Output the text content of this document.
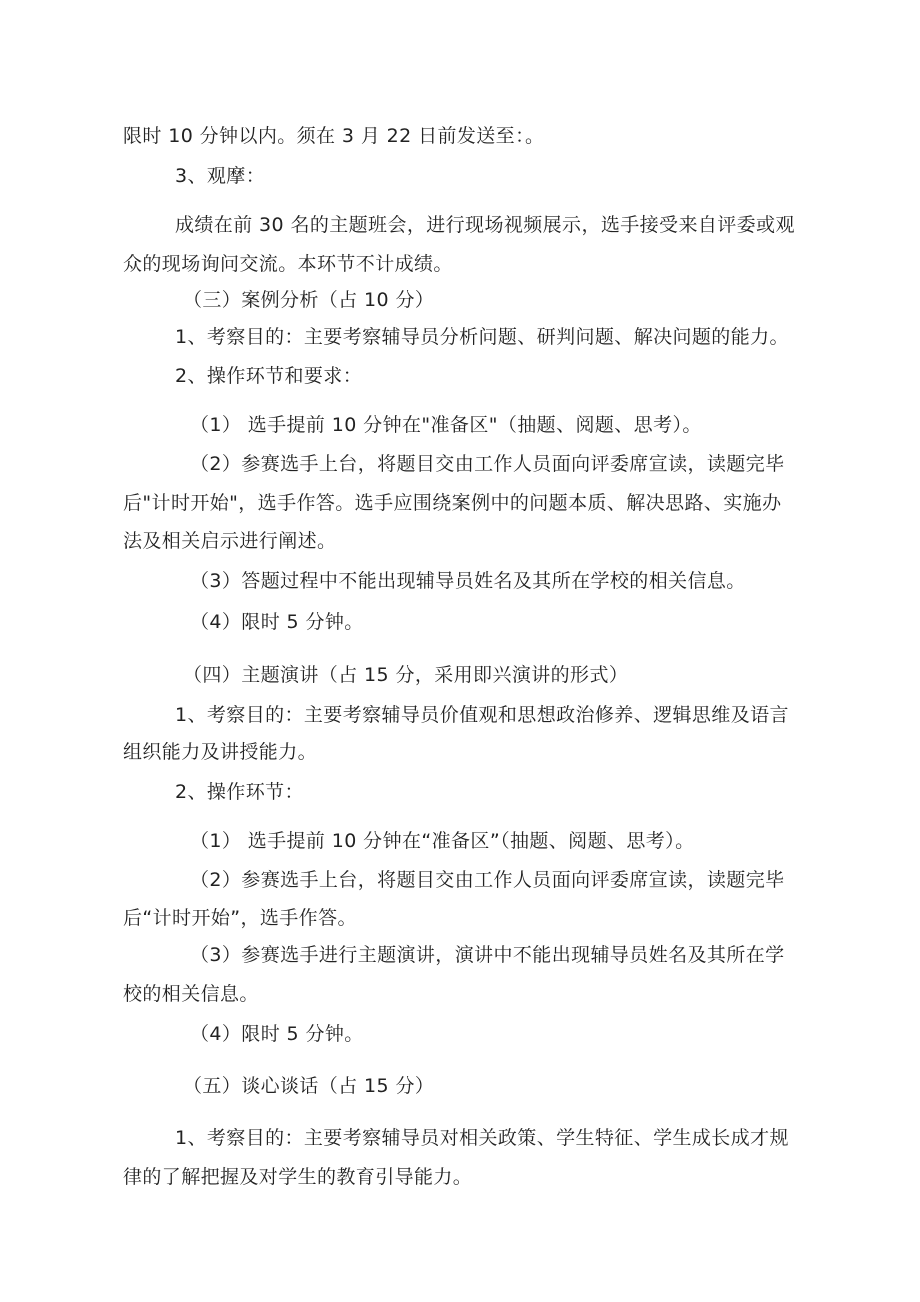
限时 10 分钟以内。须在 3 月 22 日前发送至：。
3、观摩：
成绩在前 30 名的主题班会，进行现场视频展示，选手接受来自评委或观
众的现场询问交流。本环节不计成绩。
（三）案例分析（占 10 分）
1、考察目的：主要考察辅导员分析问题、研判问题、解决问题的能力。
2、操作环节和要求：
（1） 选手提前 10 分钟在"准备区"（抽题、阅题、思考）。
（2）参赛选手上台，将题目交由工作人员面向评委席宣读，读题完毕
后"计时开始"，选手作答。选手应围绕案例中的问题本质、解决思路、实施办
法及相关启示进行阐述。
（3）答题过程中不能出现辅导员姓名及其所在学校的相关信息。
（4）限时 5 分钟。
（四）主题演讲（占 15 分，采用即兴演讲的形式）
1、考察目的：主要考察辅导员价值观和思想政治修养、逻辑思维及语言
组织能力及讲授能力。
2、操作环节：
（1） 选手提前 10 分钟在“准备区”（抽题、阅题、思考）。
（2）参赛选手上台，将题目交由工作人员面向评委席宣读，读题完毕
后“计时开始”，选手作答。
（3）参赛选手进行主题演讲，演讲中不能出现辅导员姓名及其所在学
校的相关信息。
（4）限时 5 分钟。
（五）谈心谈话（占 15 分）
1、考察目的：主要考察辅导员对相关政策、学生特征、学生成长成才规
律的了解把握及对学生的教育引导能力。
